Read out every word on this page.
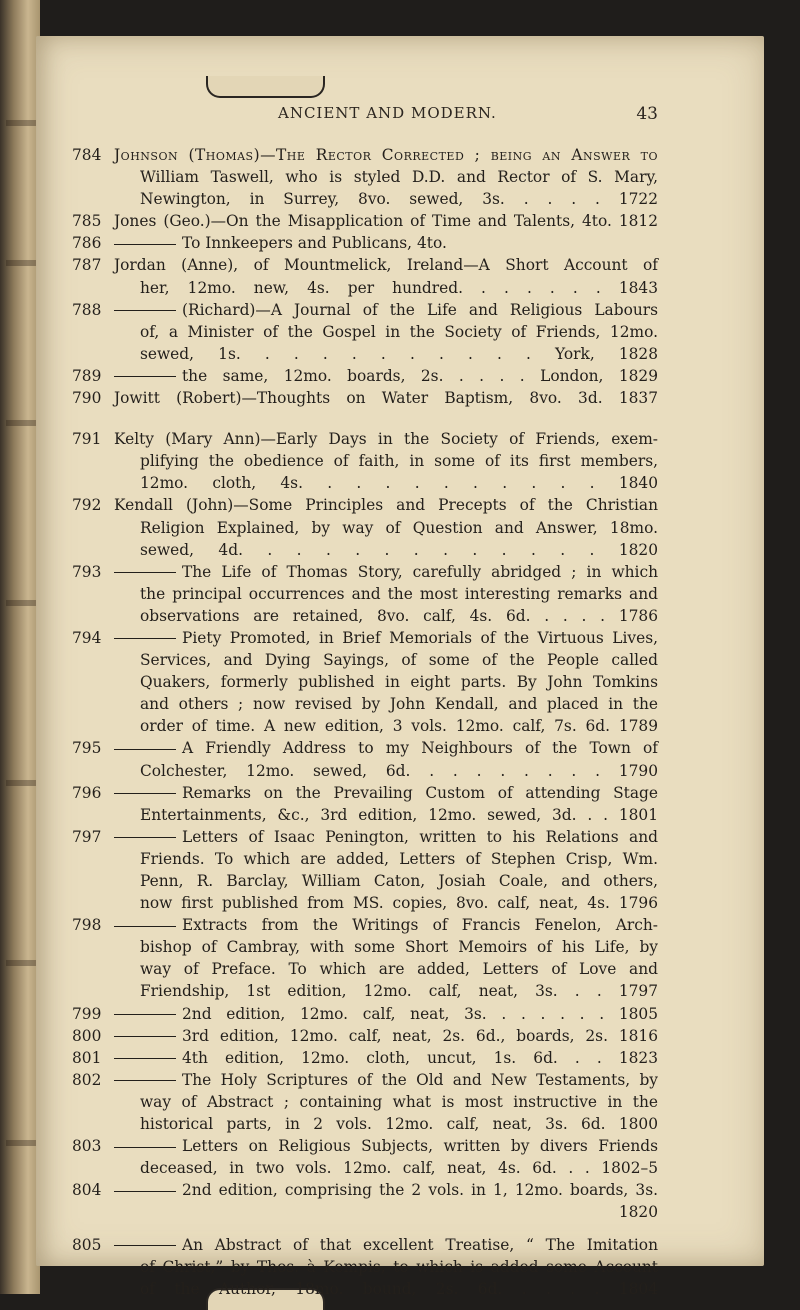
ANCIENT AND MODERN.	43
784 Johnson (Thomas)—The Rector Corrected ; being an Answer to
William Taswell, who is styled D.D. and Rector of S. Mary,
Newington, in Surrey, 8vo. sewed, 3s. . . . . 1722
785 Jones (Geo.)—On the Misapplication of Time and Talents, 4to. 1812
786	To Innkeepers and Publicans, 4to.
787 Jordan (Anne), of Mountmelick, Ireland—A Short Account of
her, 12mo. new, 4s. per hundred. . . . . . . 1843
788	(Richard)—A Journal of the Life and Religious Labours
of, a Minister of the Gospel in the Society of Friends, 12mo.
sewed, 1s. . . . . . . . . . . York, 1828
789	the same, 12mo. boards, 2s. . . . . London, 1829
790 Jowitt (Robert)—Thoughts on Water Baptism, 8vo. 3d. 1837
791 Kelty (Mary Ann)—Early Days in the Society of Friends, exem-
plifying the obedience of faith, in some of its first members,
12mo. cloth, 4s. . . . . . . . . . . 1840
792 Kendall (John)—Some Principles and Precepts of the Christian
Religion Explained, by way of Question and Answer, 18mo.
sewed, 4d. . . . . . . . . . . . . 1820
793	The Life of Thomas Story, carefully abridged ; in which
the principal occurrences and the most interesting remarks and
observations are retained, 8vo. calf, 4s. 6d. . . . . 1786
794	Piety Promoted, in Brief Memorials of the Virtuous Lives,
Services, and Dying Sayings, of some of the People called
Quakers, formerly published in eight parts. By John Tomkins
and others ; now revised by John Kendall, and placed in the
order of time. A new edition, 3 vols. 12mo. calf, 7s. 6d. 1789
795	A Friendly Address to my Neighbours of the Town of
Colchester, 12mo. sewed, 6d. . . . . . . . . 1790
796	Remarks on the Prevailing Custom of attending Stage
Entertainments, &c., 3rd edition, 12mo. sewed, 3d. . . 1801
797	Letters of Isaac Penington, written to his Relations and
Friends. To which are added, Letters of Stephen Crisp, Wm.
Penn, R. Barclay, William Caton, Josiah Coale, and others,
now first published from MS. copies, 8vo. calf, neat, 4s. 1796
798	Extracts from the Writings of Francis Fenelon, Arch-
bishop of Cambray, with some Short Memoirs of his Life, by
way of Preface. To which are added, Letters of Love and
Friendship, 1st edition, 12mo. calf, neat, 3s. . . 1797
799	2nd edition, 12mo. calf, neat, 3s. . . . . . . 1805
800	3rd edition, 12mo. calf, neat, 2s. 6d., boards, 2s. 1816
801	4th edition, 12mo. cloth, uncut, 1s. 6d. . . 1823
802	The Holy Scriptures of the Old and New Testaments, by
way of Abstract ; containing what is most instructive in the
historical parts, in 2 vols. 12mo. calf, neat, 3s. 6d. 1800
803	Letters on Religious Subjects, written by divers Friends
deceased, in two vols. 12mo. calf, neat, 4s. 6d. . . 1802–5
804	2nd edition, comprising the 2 vols. in 1, 12mo. boards, 3s.
1820
805	An Abstract of that excellent Treatise, “ The Imitation
of Christ,” by Thos. à Kempis, to which is added some Account
of the Author, 18mo. bound, 2s. 6d. . . . . 1804
